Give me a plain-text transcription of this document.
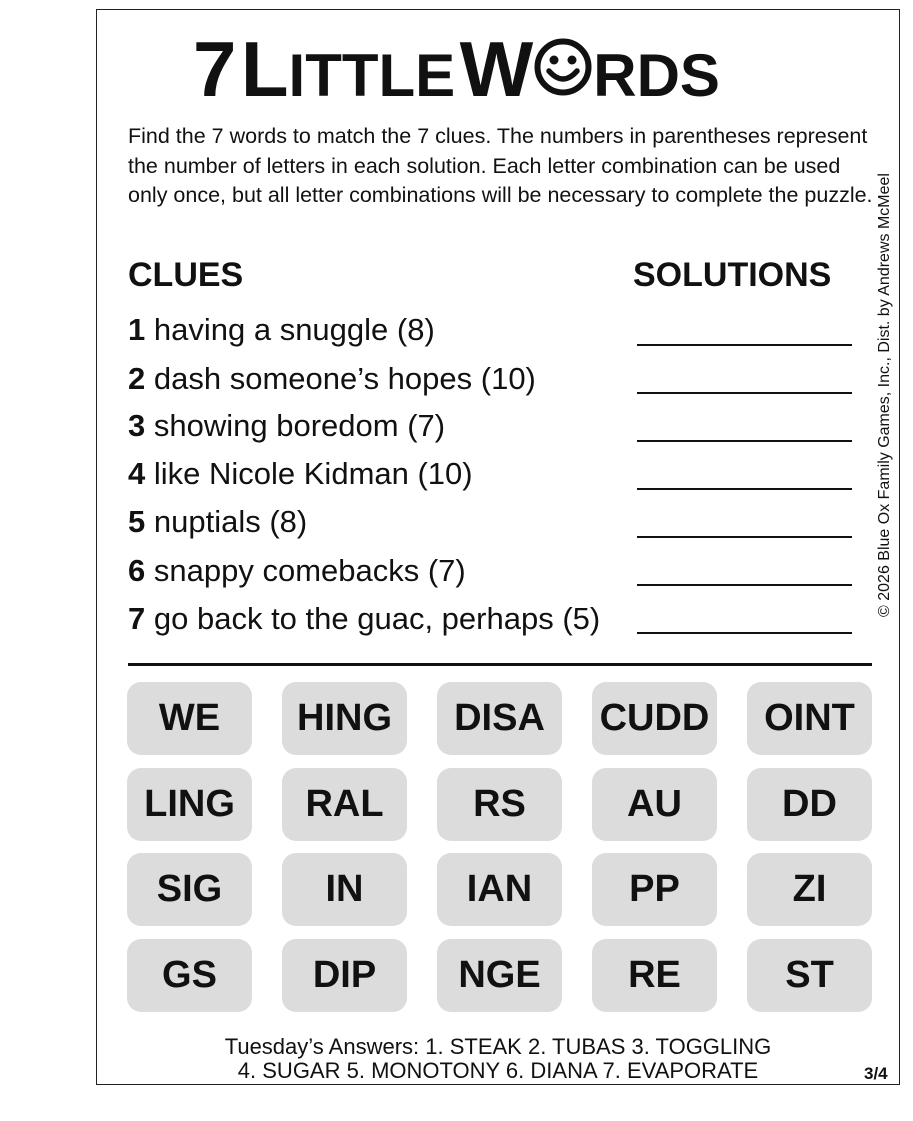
7 LITTLE W RDS
Find the 7 words to match the 7 clues. The numbers in parentheses represent the number of letters in each solution. Each letter combination can be used only once, but all letter combinations will be necessary to complete the puzzle. © 2026 Blue Ox Family Games, Inc., Dist. by Andrews McMeel
CLUES	SOLUTIONS
1 having a snuggle (8)
2 dash someone’s hopes (10)
3 showing boredom (7)
4 like Nicole Kidman (10)
5 nuptials (8)
6 snappy comebacks (7)
7 go back to the guac, perhaps (5)
WE	HING	DISA	CUDD	OINT
LING	RAL	RS	AU	DD
SIG	IN	IAN	PP	ZI
GS	DIP	NGE	RE	ST
Tuesday’s Answers: 1. STEAK 2. TUBAS 3. TOGGLING
4. SUGAR 5. MONOTONY 6. DIANA 7. EVAPORATE	3/4
